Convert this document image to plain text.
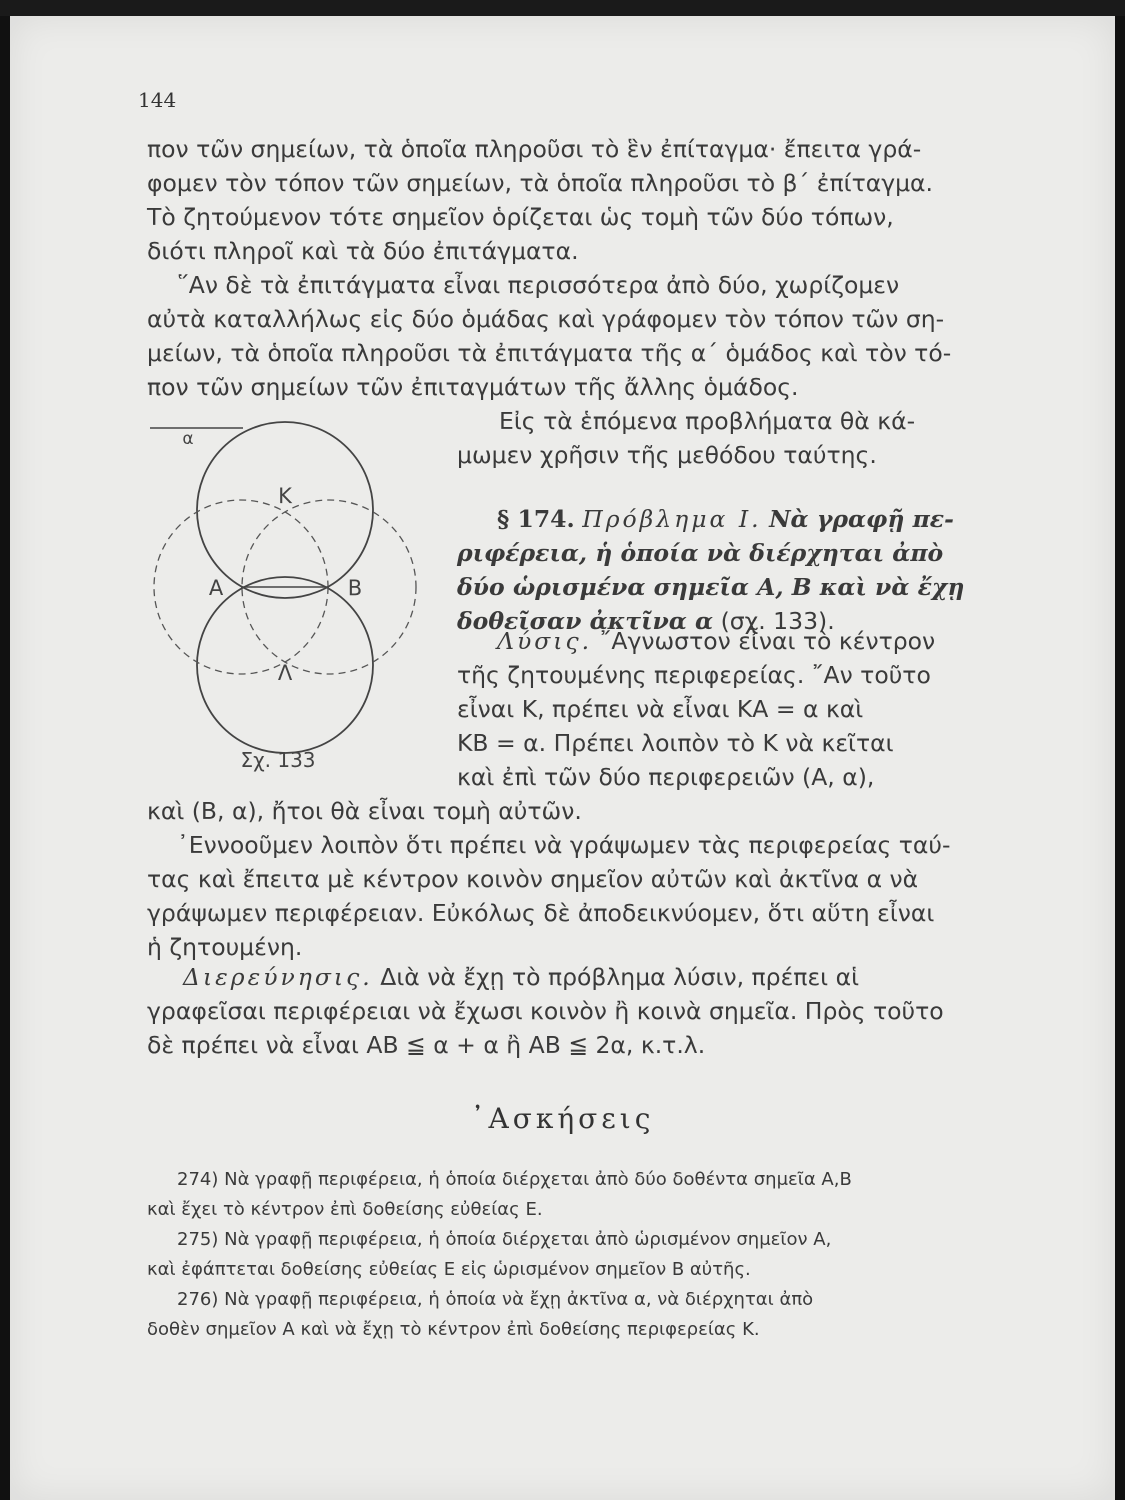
144
πον τῶν σημείων, τὰ ὁποῖα πληροῦσι τὸ ἓν ἐπίταγμα· ἔπειτα γρά-
φομεν τὸν τόπον τῶν σημείων, τὰ ὁποῖα πληροῦσι τὸ β΄ ἐπίταγμα.
Τὸ ζητούμενον τότε σημεῖον ὁρίζεται ὡς τομὴ τῶν δύο τόπων,
διότι πληροῖ καὶ τὰ δύο ἐπιτάγματα.
῞Αν δὲ τὰ ἐπιτάγματα εἶναι περισσότερα ἀπὸ δύο, χωρίζομεν
αὐτὰ καταλλήλως εἰς δύο ὁμάδας καὶ γράφομεν τὸν τόπον τῶν ση-
μείων, τὰ ὁποῖα πληροῦσι τὰ ἐπιτάγματα τῆς α΄ ὁμάδος καὶ τὸν τό-
πον τῶν σημείων τῶν ἐπιταγμάτων τῆς ἄλλης ὁμάδος.
Εἰς τὰ ἑπόμενα προβλήματα θὰ κά-
μωμεν χρῆσιν τῆς μεθόδου ταύτης.
§ 174. Πρόβλημα Ι. Νὰ γραφῇ πε-
ριφέρεια, ἡ ὁποία νὰ διέρχηται ἀπὸ
δύο ὡρισμένα σημεῖα Α, Β καὶ νὰ ἔχῃ
δοθεῖσαν ἀκτῖνα α (σχ. 133).
Λύσις. ῎Αγνωστον εἶναι τὸ κέντρον
τῆς ζητουμένης περιφερείας. ῎Αν τοῦτο
εἶναι Κ, πρέπει νὰ εἶναι ΚΑ = α καὶ
ΚΒ = α. Πρέπει λοιπὸν τὸ Κ νὰ κεῖται
καὶ ἐπὶ τῶν δύο περιφερειῶν (Α, α),
καὶ (Β, α), ἤτοι θὰ εἶναι τομὴ αὐτῶν.
᾿Εννοοῦμεν λοιπὸν ὅτι πρέπει νὰ γράψωμεν τὰς περιφερείας ταύ-
τας καὶ ἔπειτα μὲ κέντρον κοινὸν σημεῖον αὐτῶν καὶ ἀκτῖνα α νὰ
γράψωμεν περιφέρειαν. Εὐκόλως δὲ ἀποδεικνύομεν, ὅτι αὕτη εἶναι
ἡ ζητουμένη.
Διερεύνησις. Διὰ νὰ ἔχῃ τὸ πρόβλημα λύσιν, πρέπει αἱ
γραφεῖσαι περιφέρειαι νὰ ἔχωσι κοινὸν ἢ κοινὰ σημεῖα. Πρὸς τοῦτο
δὲ πρέπει νὰ εἶναι ΑΒ ≦ α + α ἢ ΑΒ ≦ 2α, κ.τ.λ.
α
Κ
Λ
Α	Β
Σχ. 133
᾿Ασκήσεις
274) Νὰ γραφῇ περιφέρεια, ἡ ὁποία διέρχεται ἀπὸ δύο δοθέντα σημεῖα Α,Β
καὶ ἔχει τὸ κέντρον ἐπὶ δοθείσης εὐθείας Ε.
275) Νὰ γραφῇ περιφέρεια, ἡ ὁποία διέρχεται ἀπὸ ὡρισμένον σημεῖον Α,
καὶ ἐφάπτεται δοθείσης εὐθείας Ε εἰς ὡρισμένον σημεῖον Β αὐτῆς.
276) Νὰ γραφῇ περιφέρεια, ἡ ὁποία νὰ ἔχῃ ἀκτῖνα α, νὰ διέρχηται ἀπὸ
δοθὲν σημεῖον Α καὶ νὰ ἔχῃ τὸ κέντρον ἐπὶ δοθείσης περιφερείας Κ.
